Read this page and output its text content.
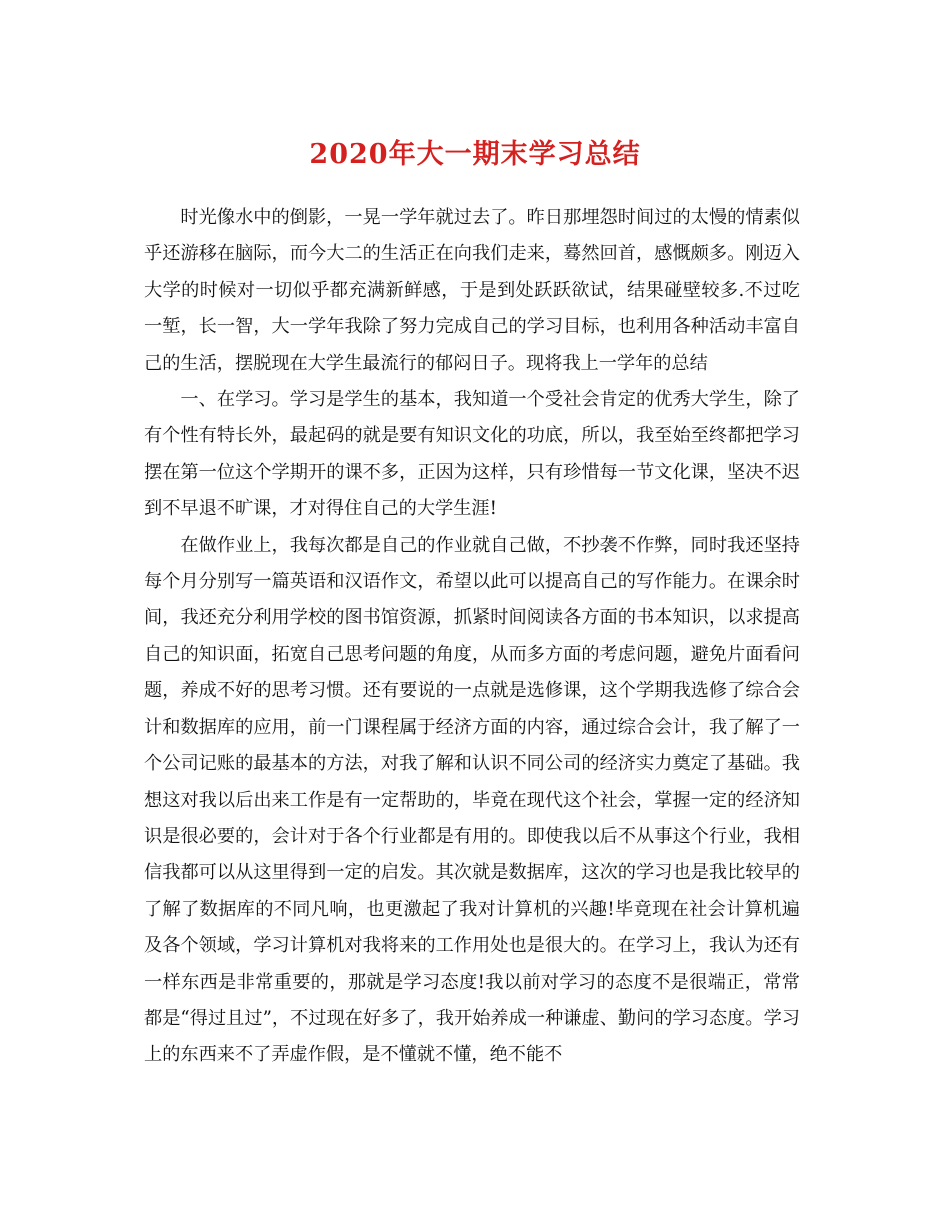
2020年大一期末学习总结

时光像水中的倒影，一晃一学年就过去了。昨日那埋怨时间过的太慢的情素似乎还游移在脑际，而今大二的生活正在向我们走来，蓦然回首，感慨颇多。刚迈入大学的时候对一切似乎都充满新鲜感，于是到处跃跃欲试，结果碰壁较多.不过吃一堑，长一智，大一学年我除了努力完成自己的学习目标，也利用各种活动丰富自己的生活，摆脱现在大学生最流行的郁闷日子。现将我上一学年的总结

一、在学习。学习是学生的基本，我知道一个受社会肯定的优秀大学生，除了有个性有特长外，最起码的就是要有知识文化的功底，所以，我至始至终都把学习摆在第一位这个学期开的课不多，正因为这样，只有珍惜每一节文化课，坚决不迟到不早退不旷课，才对得住自己的大学生涯!

在做作业上，我每次都是自己的作业就自己做，不抄袭不作弊，同时我还坚持每个月分别写一篇英语和汉语作文，希望以此可以提高自己的写作能力。在课余时间，我还充分利用学校的图书馆资源，抓紧时间阅读各方面的书本知识，以求提高自己的知识面，拓宽自己思考问题的角度，从而多方面的考虑问题，避免片面看问题，养成不好的思考习惯。还有要说的一点就是选修课，这个学期我选修了综合会计和数据库的应用，前一门课程属于经济方面的内容，通过综合会计，我了解了一个公司记账的最基本的方法，对我了解和认识不同公司的经济实力奠定了基础。我想这对我以后出来工作是有一定帮助的，毕竟在现代这个社会，掌握一定的经济知识是很必要的，会计对于各个行业都是有用的。即使我以后不从事这个行业，我相信我都可以从这里得到一定的启发。其次就是数据库，这次的学习也是我比较早的了解了数据库的不同凡响，也更激起了我对计算机的兴趣!毕竟现在社会计算机遍及各个领域，学习计算机对我将来的工作用处也是很大的。在学习上，我认为还有一样东西是非常重要的，那就是学习态度!我以前对学习的态度不是很端正，常常都是“得过且过”，不过现在好多了，我开始养成一种谦虚、勤问的学习态度。学习上的东西来不了弄虚作假，是不懂就不懂，绝不能不
